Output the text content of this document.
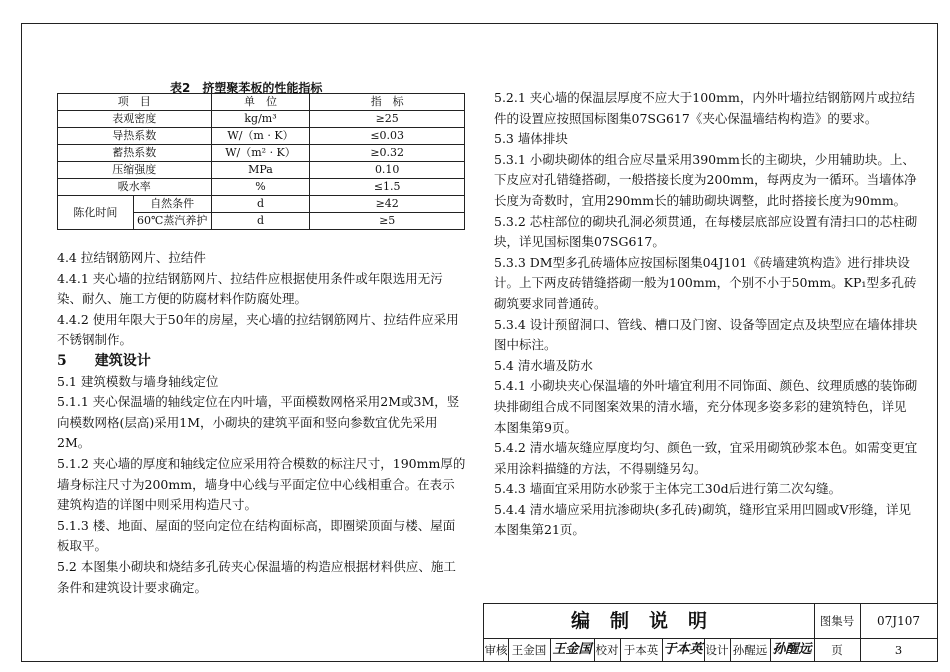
表2　挤塑聚苯板的性能指标
项　目		单　位	指　标
表观密度		kg/m³	≥25
导热系数		W/（m · K）	≤0.03
蓄热系数		W/（m² · K）	≥0.32
压缩强度		MPa	0.10
吸水率		%	≤1.5
陈化时间	自然条件	d	≥42
	60℃蒸汽养护	d	≥5

4.4 拉结钢筋网片、拉结件

4.4.1 夹心墙的拉结钢筋网片、拉结件应根据使用条件或年限选用无污染、耐久、施工方便的防腐材料作防腐处理。

4.4.2 使用年限大于50年的房屋，夹心墙的拉结钢筋网片、拉结件应采用不锈钢制作。

5　　建筑设计

5.1 建筑模数与墙身轴线定位

5.1.1 夹心保温墙的轴线定位在内叶墙，平面模数网格采用2M或3M，竖向模数网格(层高)采用1M，小砌块的建筑平面和竖向参数宜优先采用2M。

5.1.2 夹心墙的厚度和轴线定位应采用符合模数的标注尺寸，190mm厚的墙身标注尺寸为200mm，墙身中心线与平面定位中心线相重合。在表示建筑构造的详图中则采用构造尺寸。

5.1.3 楼、地面、屋面的竖向定位在结构面标高，即圈梁顶面与楼、屋面板取平。

5.2 本图集小砌块和烧结多孔砖夹心保温墙的构造应根据材料供应、施工条件和建筑设计要求确定。

5.2.1 夹心墙的保温层厚度不应大于100mm，内外叶墙拉结钢筋网片或拉结件的设置应按照国标图集07SG617《夹心保温墙结构构造》的要求。

5.3 墙体排块

5.3.1 小砌块砌体的组合应尽量采用390mm长的主砌块，少用辅助块。上、下皮应对孔错缝搭砌，一般搭接长度为200mm，每两皮为一循环。当墙体净长度为奇数时，宜用290mm长的辅助砌块调整，此时搭接长度为90mm。

5.3.2 芯柱部位的砌块孔洞必须贯通，在每楼层底部应设置有清扫口的芯柱砌块，详见国标图集07SG617。

5.3.3 DM型多孔砖墙体应按国标图集04J101《砖墙建筑构造》进行排块设计。上下两皮砖错缝搭砌一般为100mm，个别不小于50mm。KP₁型多孔砖砌筑要求同普通砖。

5.3.4 设计预留洞口、管线、槽口及门窗、设备等固定点及块型应在墙体排块图中标注。

5.4 清水墙及防水

5.4.1 小砌块夹心保温墙的外叶墙宜利用不同饰面、颜色、纹理质感的装饰砌块排砌组合成不同图案效果的清水墙，充分体现多姿多彩的建筑特色，详见本图集第9页。

5.4.2 清水墙灰缝应厚度均匀、颜色一致，宜采用砌筑砂浆本色。如需变更宜采用涂料描缝的方法，不得剔缝另勾。

5.4.3 墙面宜采用防水砂浆于主体完工30d后进行第二次勾缝。

5.4.4 清水墙应采用抗渗砌块(多孔砖)砌筑，缝形宜采用凹圆或V形缝，详见本图集第21页。

编制说明	图集号	07J107
审核 王金国 王金国 校对 于本英 于本英 设计 孙醒远 孙醒远	页	3
